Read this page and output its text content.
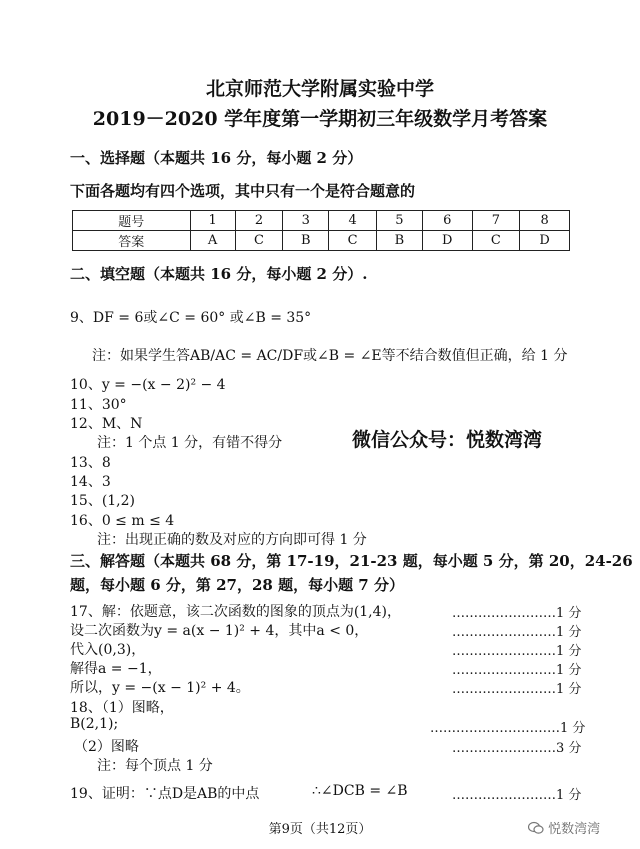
北京师范大学附属实验中学
2019－2020 学年度第一学期初三年级数学月考答案
一、选择题（本题共 16 分，每小题 2 分）
下面各题均有四个选项，其中只有一个是符合题意的
题号	1	2	3	4	5	6	7	8
答案	A	C	B	C	B	D	C	D
二、填空题（本题共 16 分，每小题 2 分）.
9、DF = 6或∠C = 60° 或∠B = 35°
注：如果学生答AB/AC = AC/DF或∠B = ∠E等不结合数值但正确，给 1 分
10、y = −(x − 2)² − 4
11、30°
12、M、N
注：1 个点 1 分，有错不得分
13、8
14、3
15、(1,2)
16、0 ≤ m ≤ 4
注：出现正确的数及对应的方向即可得 1 分
微信公众号：悦数湾湾
三、解答题（本题共 68 分，第 17-19，21-23 题，每小题 5 分，第 20，24-26
题，每小题 6 分，第 27，28 题，每小题 7 分）
17、解：依题意，该二次函数的图象的顶点为(1,4)，	……………………1 分
设二次函数为y = a(x − 1)² + 4，其中a < 0，	……………………1 分
代入(0,3)，	……………………1 分
解得a = −1，	……………………1 分
所以，y = −(x − 1)² + 4。	……………………1 分
18、（1）图略，
B(2,1);	…………………………1 分
（2）图略	……………………3 分
注：每个顶点 1 分
19、证明：∵点D是AB的中点	∴∠DCB = ∠B	……………………1 分
第9页（共12页）	悦数湾湾
